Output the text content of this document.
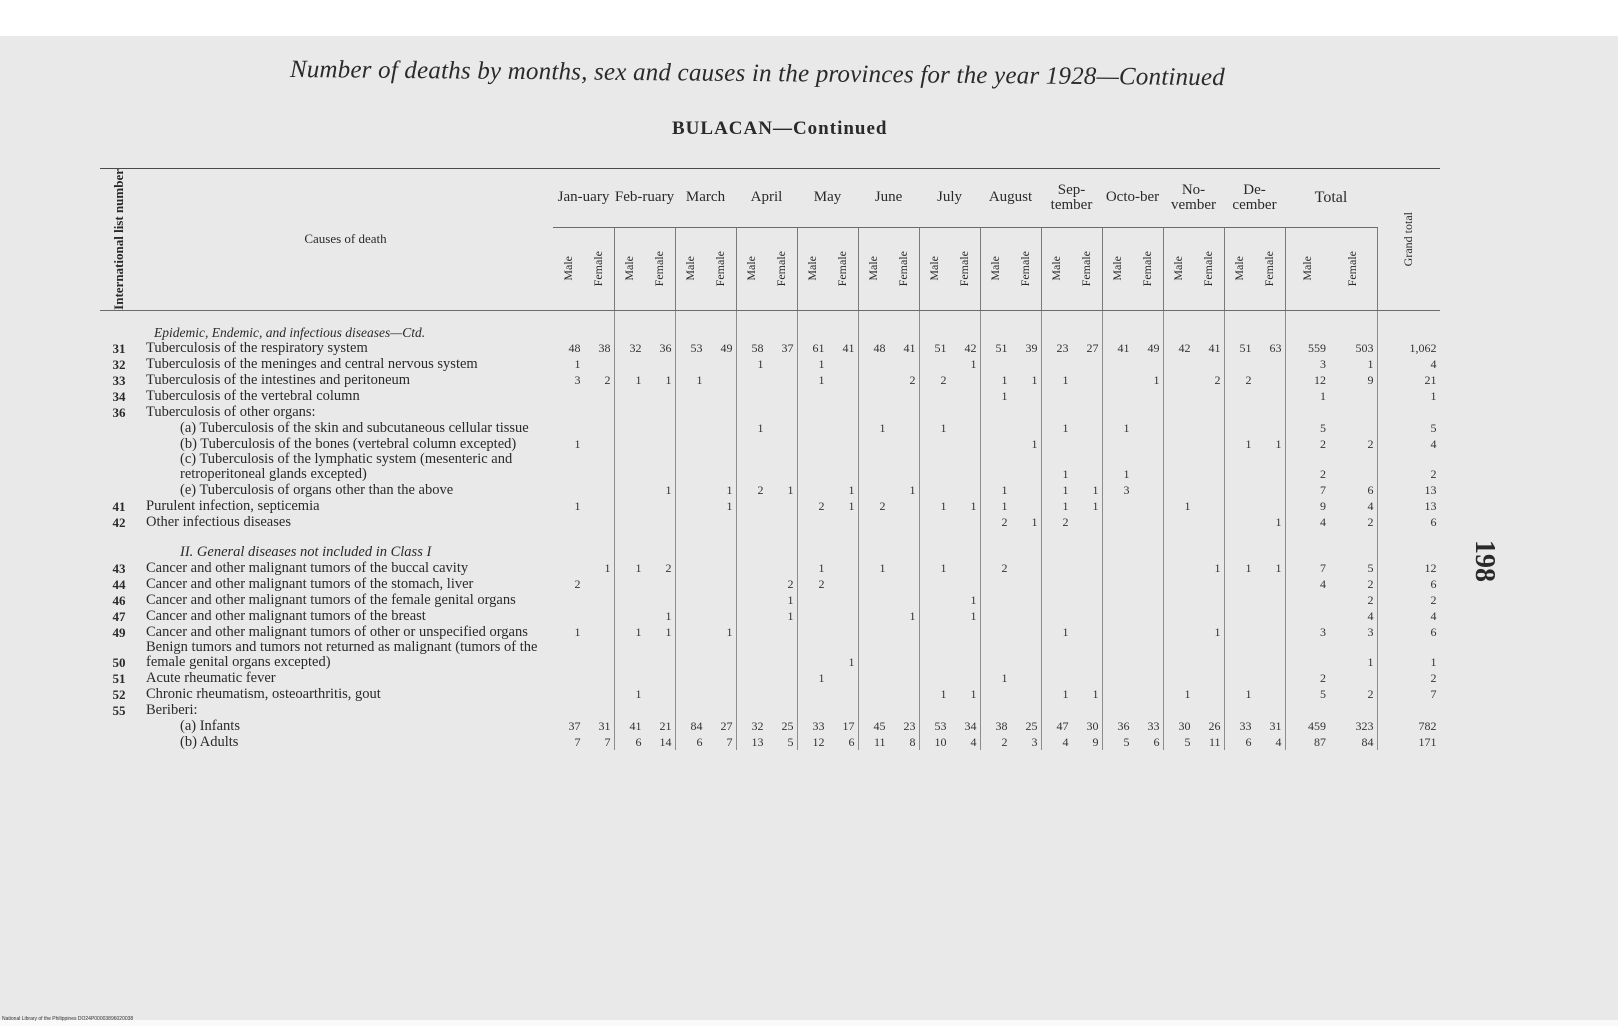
Number of deaths by months, sex and causes in the provinces for the year 1928—Continued
BULACAN—Continued
198
National Library of the Philippines DO24P00003896020038
International list number	Causes of death	Jan-uary		Feb-ruary		March		April		May		June		July		August		Sep-tember		Octo-ber		No-vember		De-cember		Total		Grand total

		Male	Female	Male	Female	Male	Female	Male	Female	Male	Female	Male	Female	Male	Female	Male	Female	Male	Female	Male	Female	Male	Female	Male	Female	Male	Female	

	Epidemic, Endemic, and infectious diseases—Ctd.																											
31	Tuberculosis of the respiratory system	48	38	32	36	53	49	58	37	61	41	48	41	51	42	51	39	23	27	41	49	42	41	51	63	559	503	1,062
32	Tuberculosis of the meninges and central nervous system	1						1		1					1											3	1	4
33	Tuberculosis of the intestines and peritoneum	3	2	1	1	1				1			2	2		1	1	1			1		2	2		12	9	21
34	Tuberculosis of the vertebral column															1										1		1
36	Tuberculosis of other organs:																											
	(a) Tuberculosis of the skin and subcutaneous cellular tissue							1				1		1				1		1						5		5
	(b) Tuberculosis of the bones (vertebral column excepted)	1															1							1	1	2	2	4
	(c) Tuberculosis of the lymphatic system (mesenteric and retroperitoneal glands excepted)																	1		1						2		2
	(e) Tuberculosis of organs other than the above				1		1	2	1		1		1			1		1	1	3						7	6	13
41	Purulent infection, septicemia	1					1			2	1	2		1	1	1		1	1			1				9	4	13
42	Other infectious diseases															2	1	2							1	4	2	6
	II. General diseases not included in Class I																											
43	Cancer and other malignant tumors of the buccal cavity		1	1	2					1		1		1		2							1	1	1	7	5	12
44	Cancer and other malignant tumors of the stomach, liver	2							2	2																4	2	6
46	Cancer and other malignant tumors of the female genital organs								1						1												2	2
47	Cancer and other malignant tumors of the breast				1				1				1		1												4	4
49	Cancer and other malignant tumors of other or unspecified organs	1		1	1		1											1					1			3	3	6
50	Benign tumors and tumors not returned as malignant (tumors of the female genital organs excepted)										1																1	1
51	Acute rheumatic fever									1						1										2		2
52	Chronic rheumatism, osteoarthritis, gout			1										1	1			1	1			1		1		5	2	7
55	Beriberi:																											
	(a) Infants	37	31	41	21	84	27	32	25	33	17	45	23	53	34	38	25	47	30	36	33	30	26	33	31	459	323	782
	(b) Adults	7	7	6	14	6	7	13	5	12	6	11	8	10	4	2	3	4	9	5	6	5	11	6	4	87	84	171
